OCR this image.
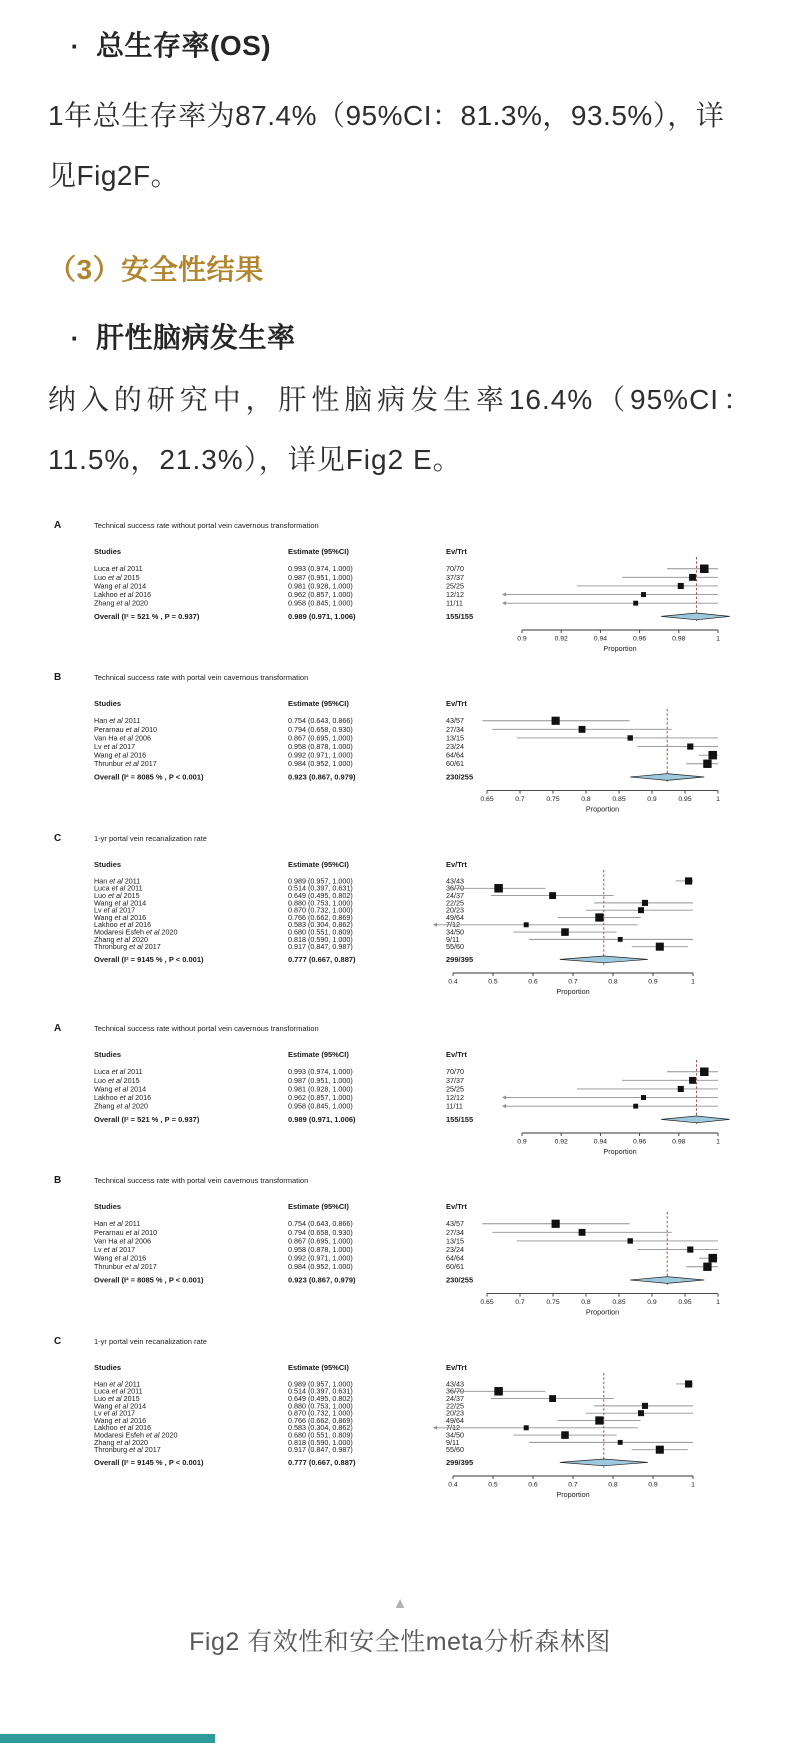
· 总生存率(OS)

1年总生存率为87.4%（95%CI：81.3%，93.5%），详见Fig2F。

（3）安全性结果
· 肝性脑病发生率

纳入的研究中，肝性脑病发生率16.4%（95%CI：11.5%，21.3%），详见Fig2 E。

A	Technical success rate without portal vein cavernous transformation
Studies	Estimate (95%CI)	Ev/Trt
Luca et al 2011	0.993 (0.974, 1.000)	70/70
Luo et al 2015	0.987 (0.951, 1.000)	37/37
Wang et al 2014	0.981 (0.928, 1.000)	25/25
Lakhoo et al 2016	0.962 (0.857, 1.000)	12/12
Zhang et al 2020	0.958 (0.845, 1.000)	11/11
Overall (I² = 521 % , P = 0.937)	0.989 (0.971, 1.006)	155/155
0.9	0.92	0.94	0.96	0.98	1
Proportion
B	Technical success rate with portal vein cavernous transformation
Studies	Estimate (95%CI)	Ev/Trt
Han et al 2011	0.754 (0.643, 0.866)	43/57
Perarnau et al 2010	0.794 (0.658, 0.930)	27/34
Van Ha et al 2006	0.867 (0.695, 1.000)	13/15
Lv et al 2017	0.958 (0.878, 1.000)	23/24
Wang et al 2016	0.992 (0.971, 1.000)	64/64
Thrunbur et al 2017	0.984 (0.952, 1.000)	60/61
Overall (I² = 8085 % , P < 0.001)	0.923 (0.867, 0.979)	230/255
0.65	0.7	0.75	0.8	0.85	0.9	0.95	1
Proportion
C	1-yr portal vein recanalization rate
Studies	Estimate (95%CI)	Ev/Trt
Han et al 2011	0.989 (0.957, 1.000)	43/43
Luca et al 2011	0.514 (0.397, 0.631)	36/70
Luo et al 2015	0.649 (0.495, 0.802)	24/37
Wang et al 2014	0.880 (0.753, 1.000)	22/25
Lv et al 2017	0.870 (0.732, 1.000)	20/23
Wang et al 2016	0.766 (0.662, 0.869)	49/64
Lakhoo et al 2016	0.583 (0.304, 0.862)	7/12
Modaresi Esfeh et al 2020	0.680 (0.551, 0.809)	34/50
Zhang et al 2020	0.818 (0.590, 1.000)	9/11
Thronburg et al 2017	0.917 (0.847, 0.987)	55/60
Overall (I² = 9145 % , P < 0.001)	0.777 (0.667, 0.887)	299/395
0.4	0.5	0.6	0.7	0.8	0.9	1
Proportion
A	Technical success rate without portal vein cavernous transformation
Studies	Estimate (95%CI)	Ev/Trt
Luca et al 2011	0.993 (0.974, 1.000)	70/70
Luo et al 2015	0.987 (0.951, 1.000)	37/37
Wang et al 2014	0.981 (0.928, 1.000)	25/25
Lakhoo et al 2016	0.962 (0.857, 1.000)	12/12
Zhang et al 2020	0.958 (0.845, 1.000)	11/11
Overall (I² = 521 % , P = 0.937)	0.989 (0.971, 1.006)	155/155
0.9	0.92	0.94	0.96	0.98	1
Proportion
B	Technical success rate with portal vein cavernous transformation
Studies	Estimate (95%CI)	Ev/Trt
Han et al 2011	0.754 (0.643, 0.866)	43/57
Perarnau et al 2010	0.794 (0.658, 0.930)	27/34
Van Ha et al 2006	0.867 (0.695, 1.000)	13/15
Lv et al 2017	0.958 (0.878, 1.000)	23/24
Wang et al 2016	0.992 (0.971, 1.000)	64/64
Thrunbur et al 2017	0.984 (0.952, 1.000)	60/61
Overall (I² = 8085 % , P < 0.001)	0.923 (0.867, 0.979)	230/255
0.65	0.7	0.75	0.8	0.85	0.9	0.95	1
Proportion
C	1-yr portal vein recanalization rate
Studies	Estimate (95%CI)	Ev/Trt
Han et al 2011	0.989 (0.957, 1.000)	43/43
Luca et al 2011	0.514 (0.397, 0.631)	36/70
Luo et al 2015	0.649 (0.495, 0.802)	24/37
Wang et al 2014	0.880 (0.753, 1.000)	22/25
Lv et al 2017	0.870 (0.732, 1.000)	20/23
Wang et al 2016	0.766 (0.662, 0.869)	49/64
Lakhoo et al 2016	0.583 (0.304, 0.862)	7/12
Modaresi Esfeh et al 2020	0.680 (0.551, 0.809)	34/50
Zhang et al 2020	0.818 (0.590, 1.000)	9/11
Thronburg et al 2017	0.917 (0.847, 0.987)	55/60
Overall (I² = 9145 % , P < 0.001)	0.777 (0.667, 0.887)	299/395
0.4	0.5	0.6	0.7	0.8	0.9	1
Proportion
▲
Fig2 有效性和安全性meta分析森林图
